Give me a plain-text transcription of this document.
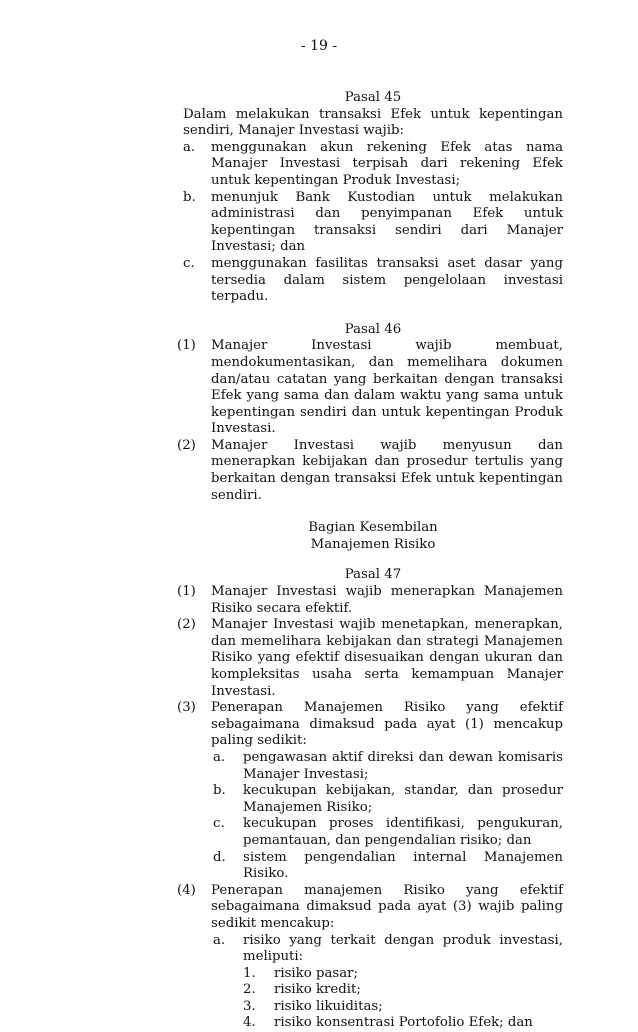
- 19 -
Pasal 45
Dalam melakukan transaksi Efek untuk kepentingan sendiri, Manajer Investasi wajib:
a.	menggunakan akun rekening Efek atas nama Manajer Investasi terpisah dari rekening Efek untuk kepentingan Produk Investasi;
b.	menunjuk Bank Kustodian untuk melakukan administrasi dan penyimpanan Efek untuk kepentingan transaksi sendiri dari Manajer Investasi; dan
c.	menggunakan fasilitas transaksi aset dasar yang tersedia dalam sistem pengelolaan investasi terpadu.
Pasal 46
(1)	Manajer Investasi wajib membuat, mendokumentasikan, dan memelihara dokumen dan/atau catatan yang berkaitan dengan transaksi Efek yang sama dan dalam waktu yang sama untuk kepentingan sendiri dan untuk kepentingan Produk Investasi.
(2)	Manajer Investasi wajib menyusun dan menerapkan kebijakan dan prosedur tertulis yang berkaitan dengan transaksi Efek untuk kepentingan sendiri.
Bagian Kesembilan
Manajemen Risiko
Pasal 47
(1)	Manajer Investasi wajib menerapkan Manajemen Risiko secara efektif.
(2)	Manajer Investasi wajib menetapkan, menerapkan, dan memelihara kebijakan dan strategi Manajemen Risiko yang efektif disesuaikan dengan ukuran dan kompleksitas usaha serta kemampuan Manajer Investasi.
(3)	Penerapan Manajemen Risiko yang efektif sebagaimana dimaksud pada ayat (1) mencakup paling sedikit:
a.	pengawasan aktif direksi dan dewan komisaris Manajer Investasi;
b.	kecukupan kebijakan, standar, dan prosedur Manajemen Risiko;
c.	kecukupan proses identifikasi, pengukuran, pemantauan, dan pengendalian risiko; dan
d.	sistem pengendalian internal Manajemen Risiko.
(4)	Penerapan manajemen Risiko yang efektif sebagaimana dimaksud pada ayat (3) wajib paling sedikit mencakup:
a.	risiko yang terkait dengan produk investasi, meliputi:
1.	risiko pasar;
2.	risiko kredit;
3.	risiko likuiditas;
4.	risiko konsentrasi Portofolio Efek; dan
